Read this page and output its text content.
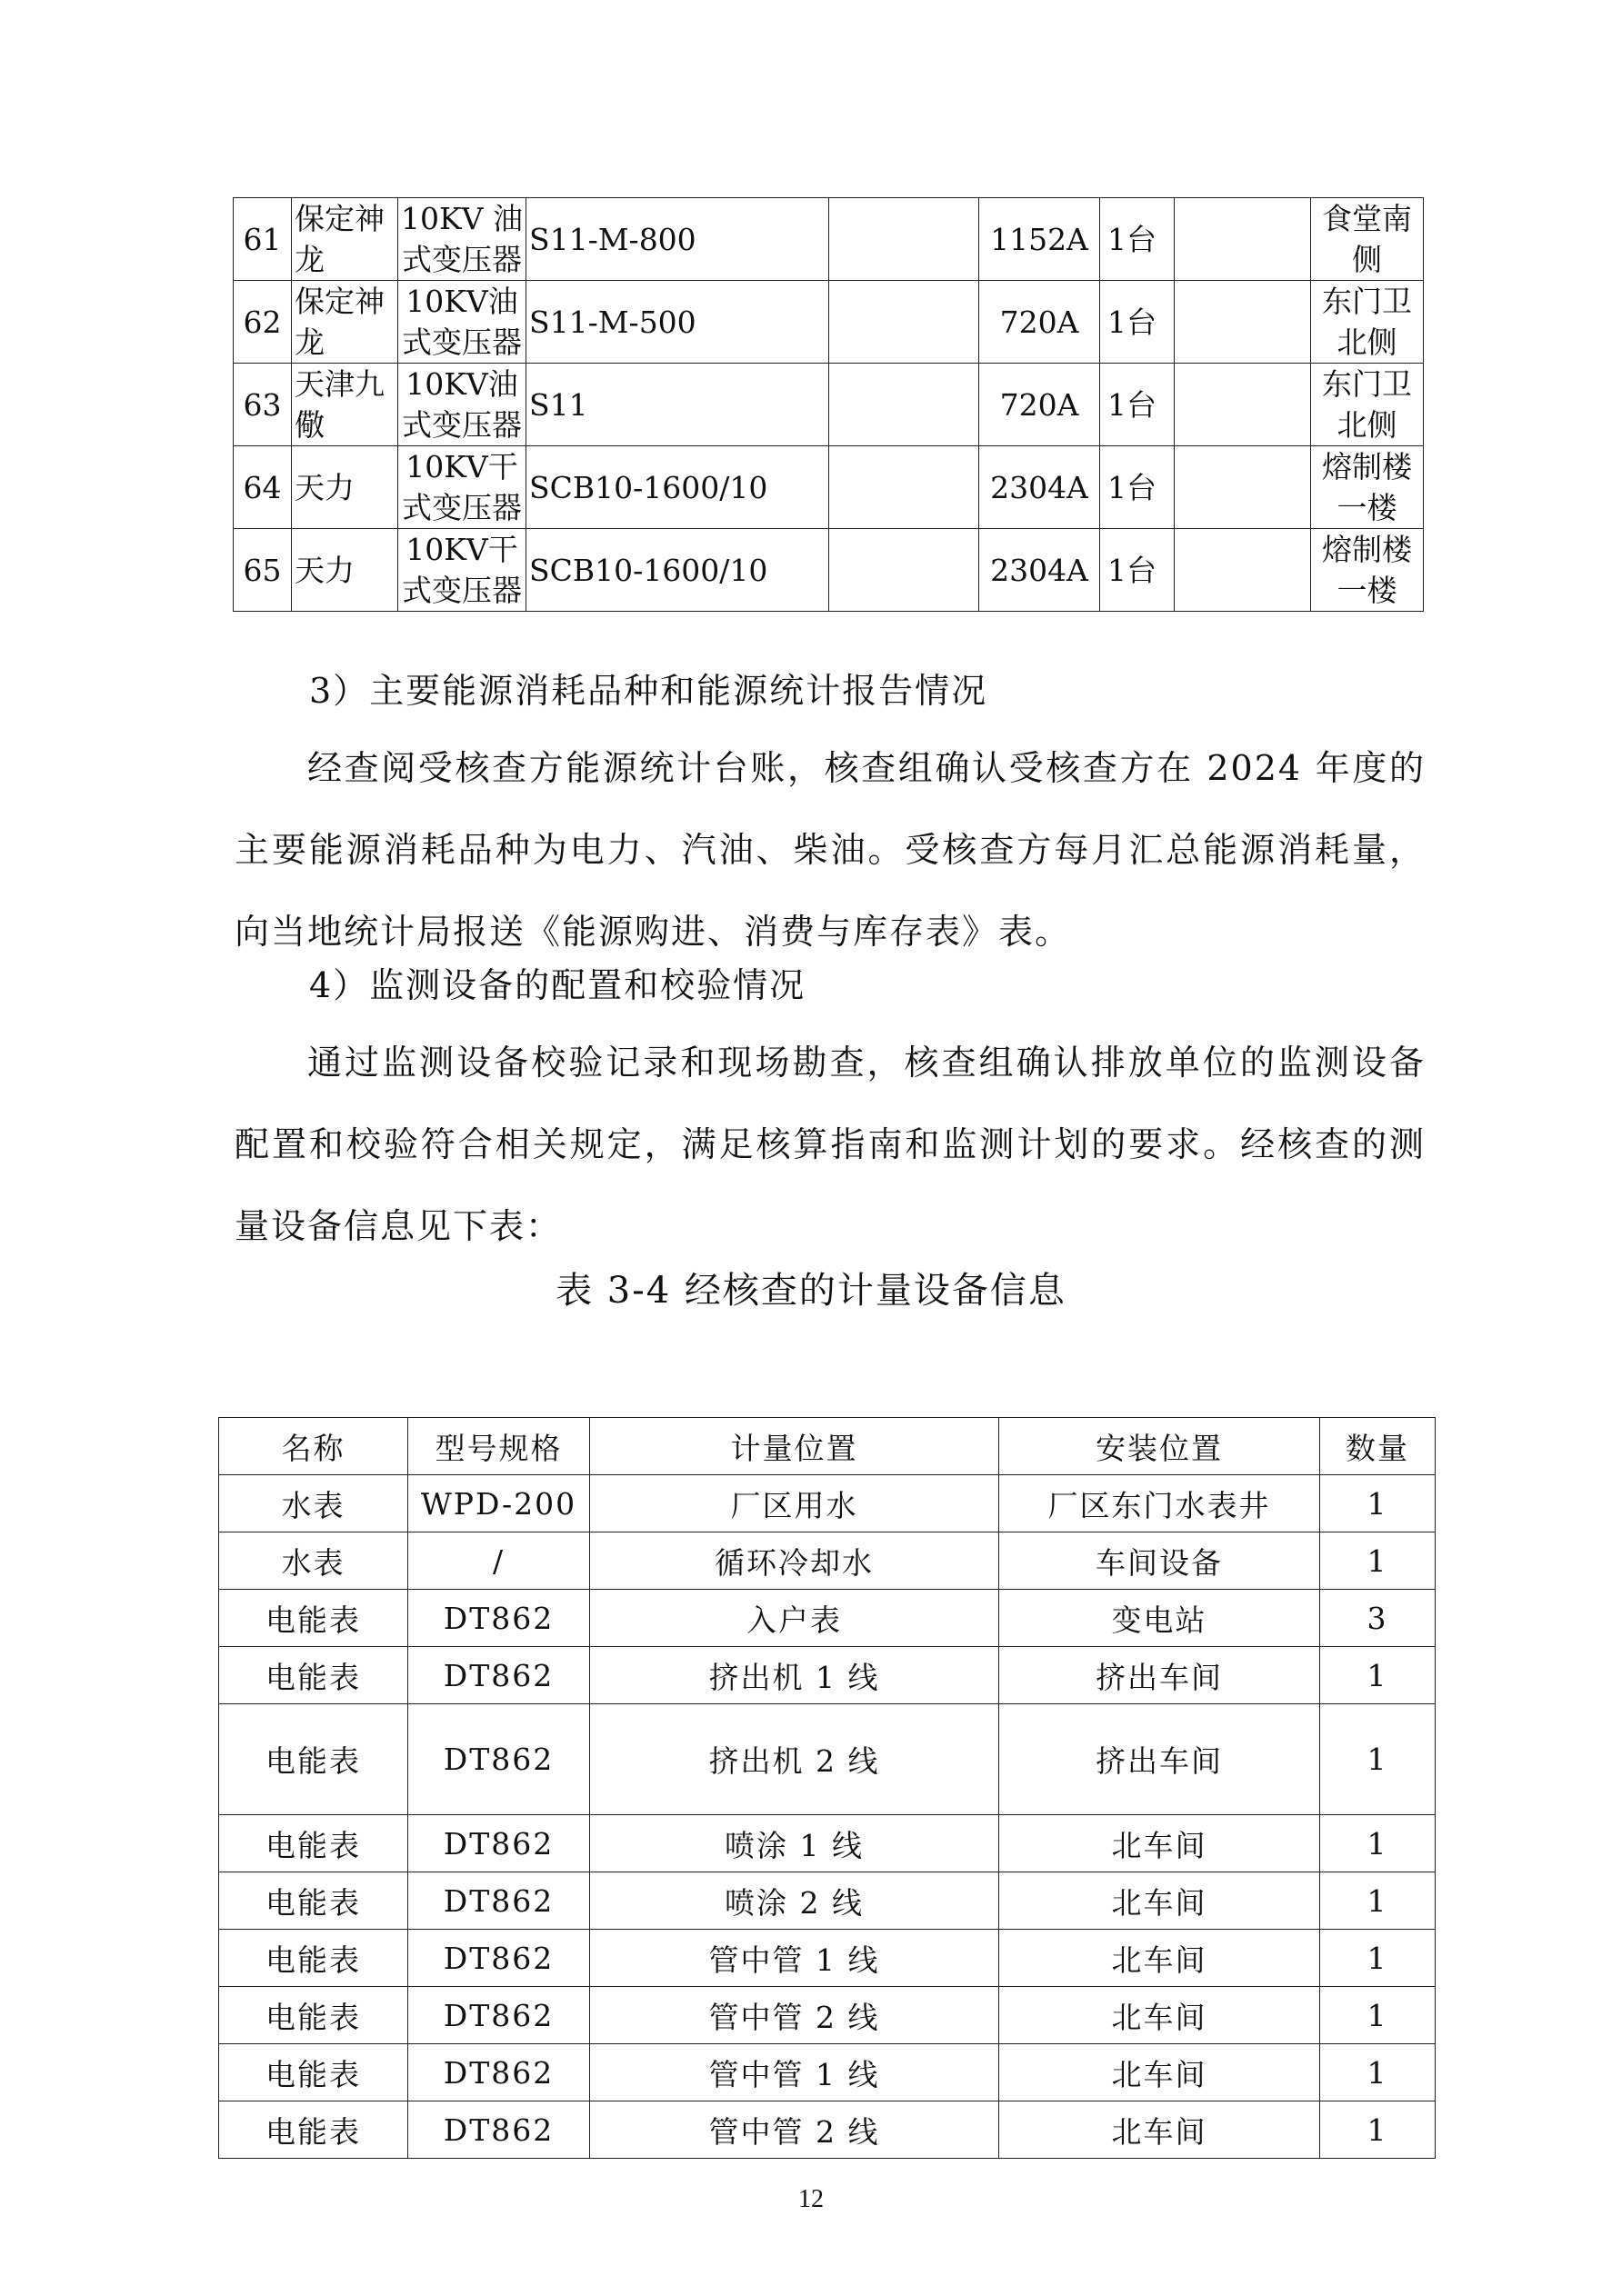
61	保定神龙	10KV 油式变压器	S11-M-800		1152A	1台		食堂南侧
62	保定神龙	10KV油式变压器	S11-M-500		720A	1台		东门卫北侧
63	天津九儆	10KV油式变压器	S11		720A	1台		东门卫北侧
64	天力	10KV干式变压器	SCB10-1600/10		2304A	1台		熔制楼一楼
65	天力	10KV干式变压器	SCB10-1600/10		2304A	1台		熔制楼一楼

3）主要能源消耗品种和能源统计报告情况

经查阅受核查方能源统计台账，核查组确认受核查方在 2024 年度的主要能源消耗品种为电力、汽油、柴油。受核查方每月汇总能源消耗量，向当地统计局报送《能源购进、消费与库存表》表。

4）监测设备的配置和校验情况

通过监测设备校验记录和现场勘查，核查组确认排放单位的监测设备配置和校验符合相关规定，满足核算指南和监测计划的要求。经核查的测量设备信息见下表：

表 3-4 经核查的计量设备信息

名称	型号规格	计量位置	安装位置	数量
水表	WPD-200	厂区用水	厂区东门水表井	1
水表	/	循环冷却水	车间设备	1
电能表	DT862	入户表	变电站	3
电能表	DT862	挤出机 1 线	挤出车间	1
电能表	DT862	挤出机 2 线	挤出车间	1
电能表	DT862	喷涂 1 线	北车间	1
电能表	DT862	喷涂 2 线	北车间	1
电能表	DT862	管中管 1 线	北车间	1
电能表	DT862	管中管 2 线	北车间	1
电能表	DT862	管中管 1 线	北车间	1
电能表	DT862	管中管 2 线	北车间	1
12
